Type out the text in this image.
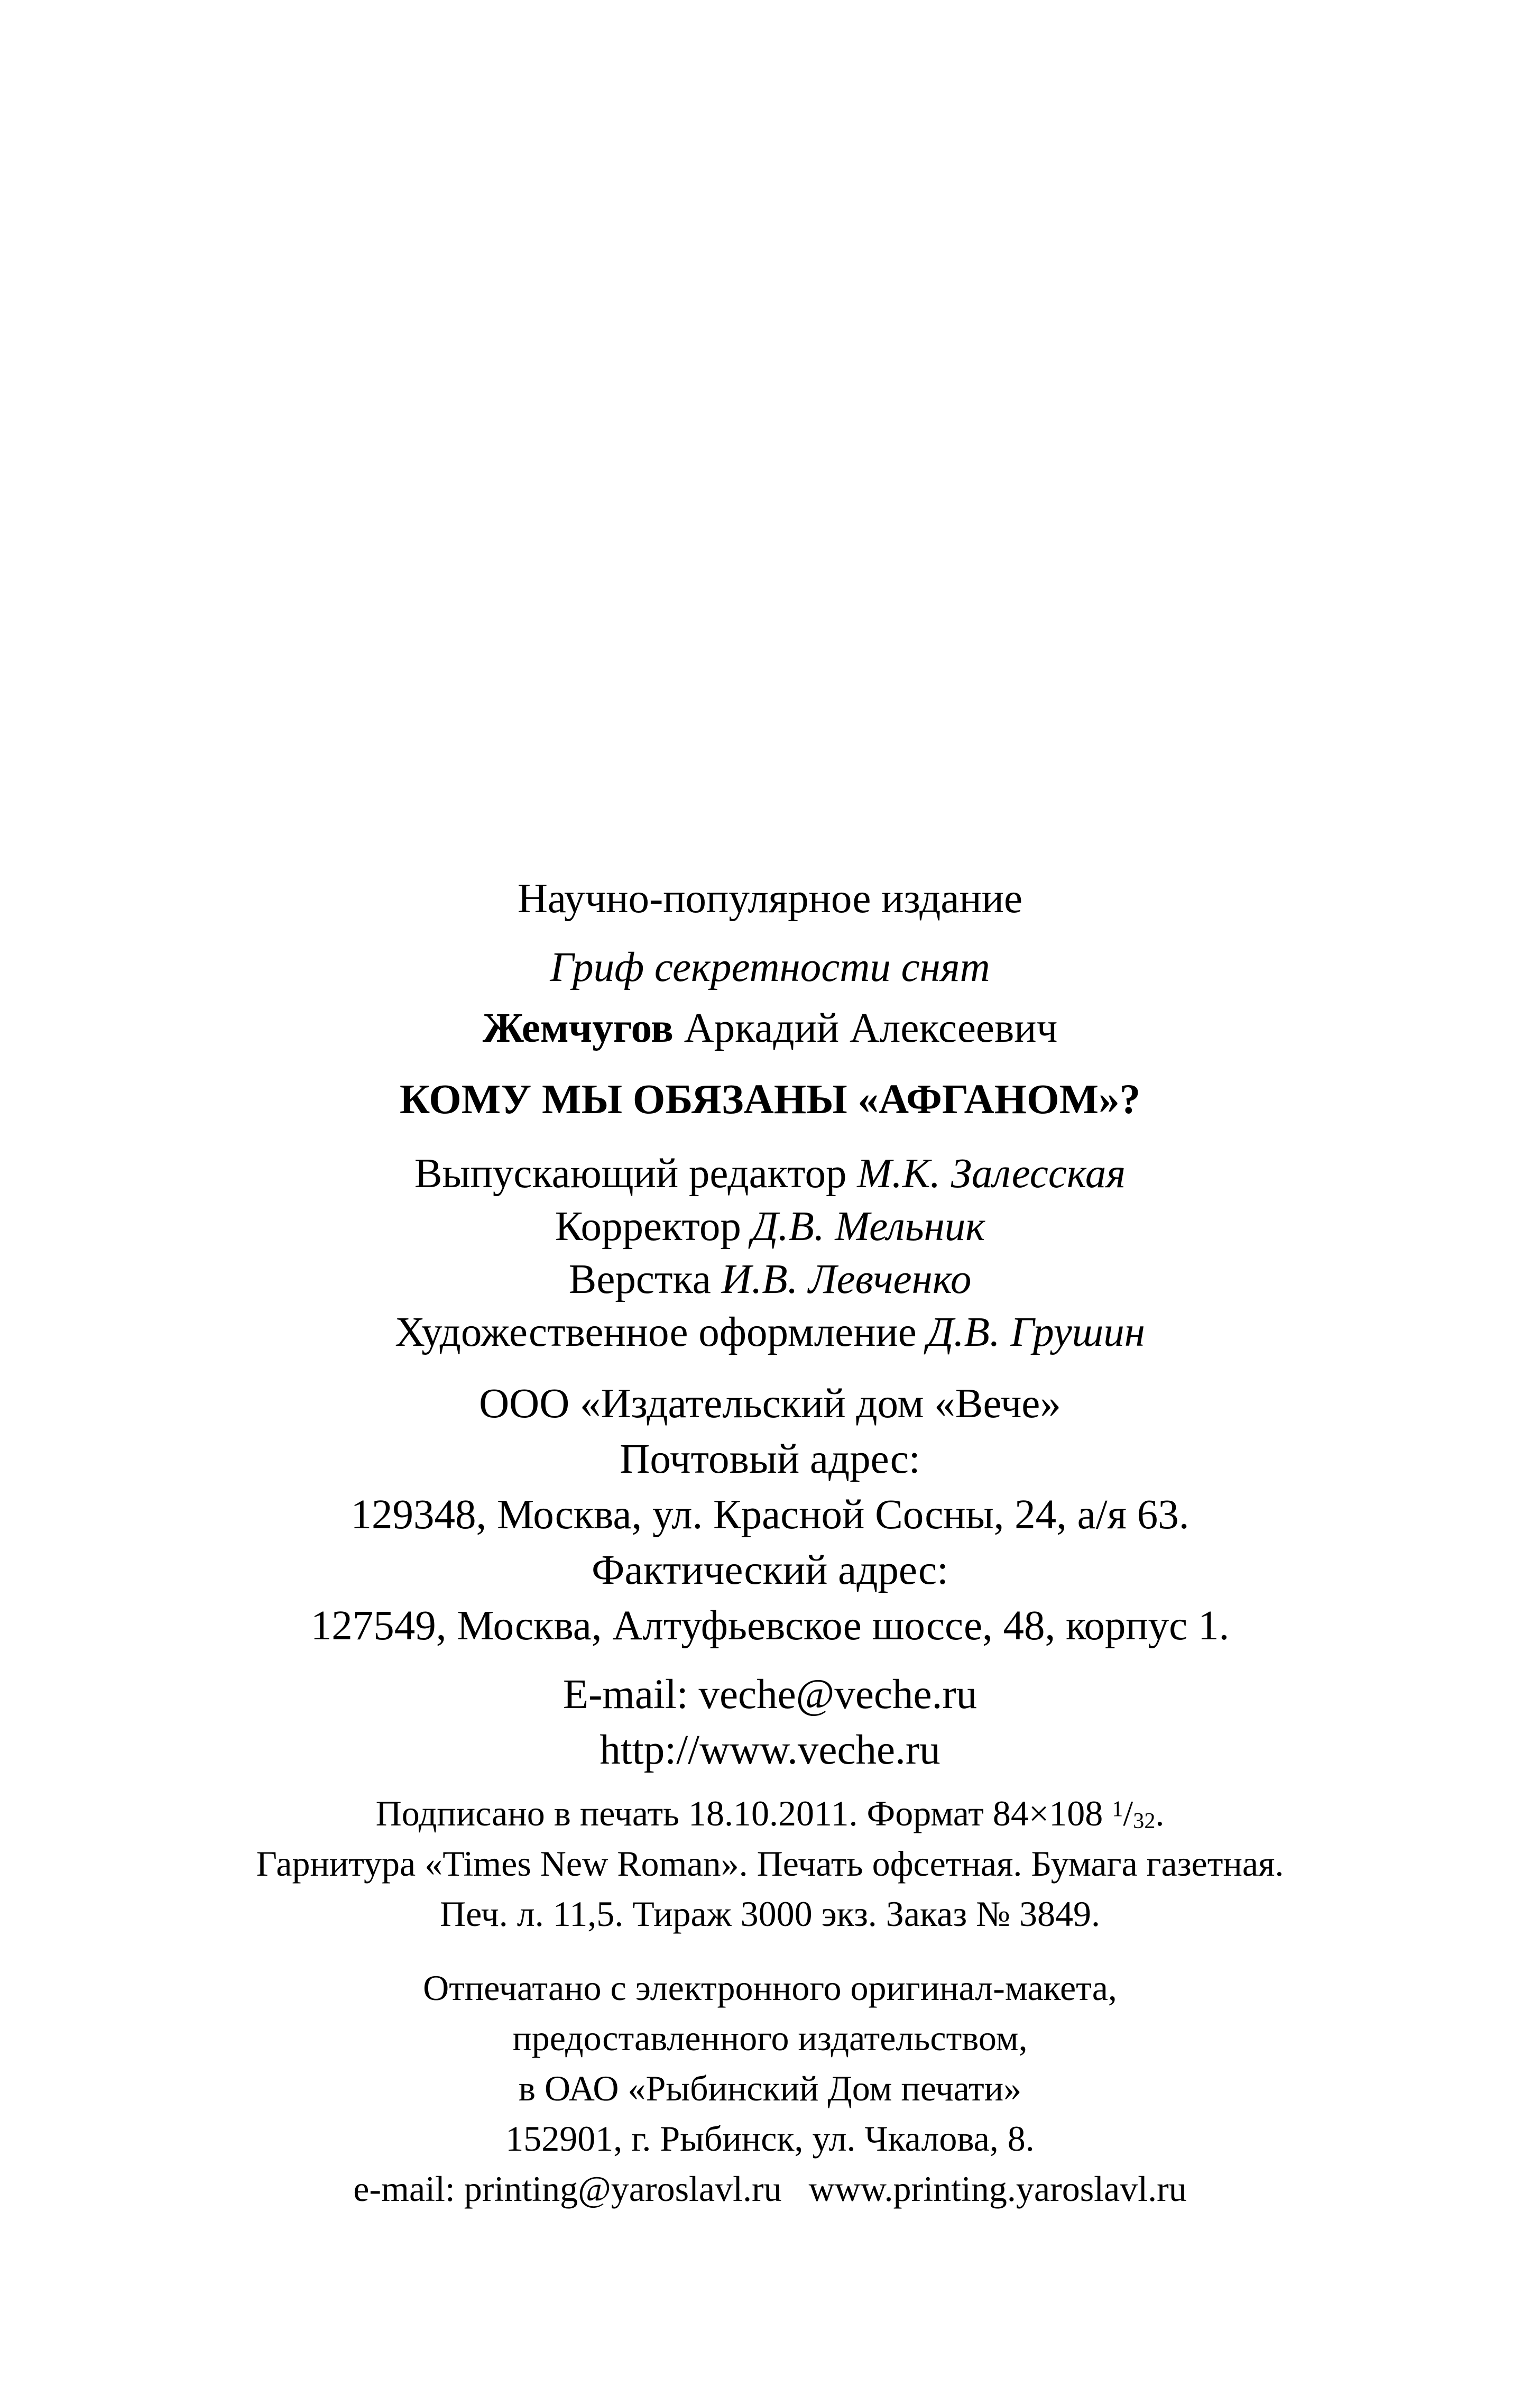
Научно-популярное издание
Гриф секретности снят
Жемчугов Аркадий Алексеевич
КОМУ МЫ ОБЯЗАНЫ «АФГАНОМ»?
Выпускающий редактор М.К. Залесская
Корректор Д.В. Мельник
Верстка И.В. Левченко
Художественное оформление Д.В. Грушин
ООО «Издательский дом «Вече»
Почтовый адрес:
129348, Москва, ул. Красной Сосны, 24, а/я 63.
Фактический адрес:
127549, Москва, Алтуфьевское шоссе, 48, корпус 1.
E-mail: veche@veche.ru
http://www.veche.ru
Подписано в печать 18.10.2011. Формат 84×108 $^1$/32.
Гарнитура «Times New Roman». Печать офсетная. Бумага газетная.
Печ. л. 11,5. Тираж 3000 экз. Заказ № 3849.
Отпечатано с электронного оригинал-макета,
предоставленного издательством,
в ОАО «Рыбинский Дом печати»
152901, г. Рыбинск, ул. Чкалова, 8.
e-mail: printing@yaroslavl.ru www.printing.yaroslavl.ru
